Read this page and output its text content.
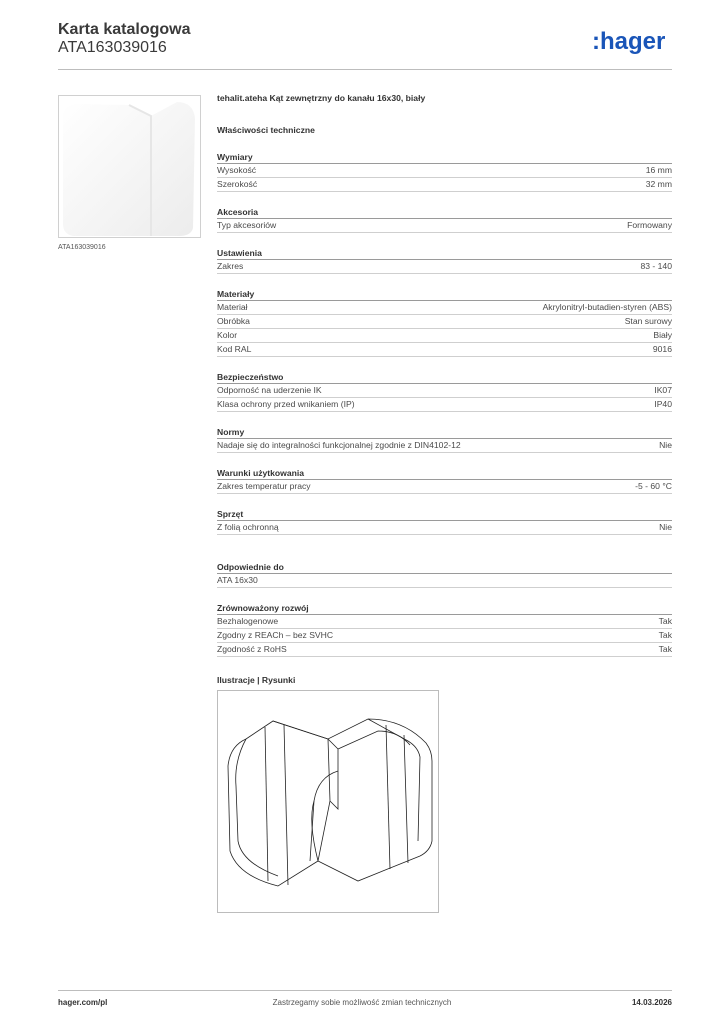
Karta katalogowa
ATA163039016	:hager
ATA163039016
tehalit.ateha Kąt zewnętrzny do kanału 16x30, biały
Właściwości techniczne
Wymiary
Wysokość	16 mm
Szerokość	32 mm
Akcesoria
Typ akcesoriów	Formowany
Ustawienia
Zakres	83 - 140
Materiały
Materiał	Akrylonitryl-butadien-styren (ABS)
Obróbka	Stan surowy
Kolor	Biały
Kod RAL	9016
Bezpieczeństwo
Odporność na uderzenie IK	IK07
Klasa ochrony przed wnikaniem (IP)	IP40
Normy
Nadaje się do integralności funkcjonalnej zgodnie z DIN4102-12	Nie
Warunki użytkowania
Zakres temperatur pracy	-5 - 60 °C
Sprzęt
Z folią ochronną	Nie
Odpowiednie do
ATA 16x30
Zrównoważony rozwój
Bezhalogenowe	Tak
Zgodny z REACh – bez SVHC	Tak
Zgodność z RoHS	Tak
Ilustracje | Rysunki
hager.com/pl	Zastrzegamy sobie możliwość zmian technicznych	14.03.2026
